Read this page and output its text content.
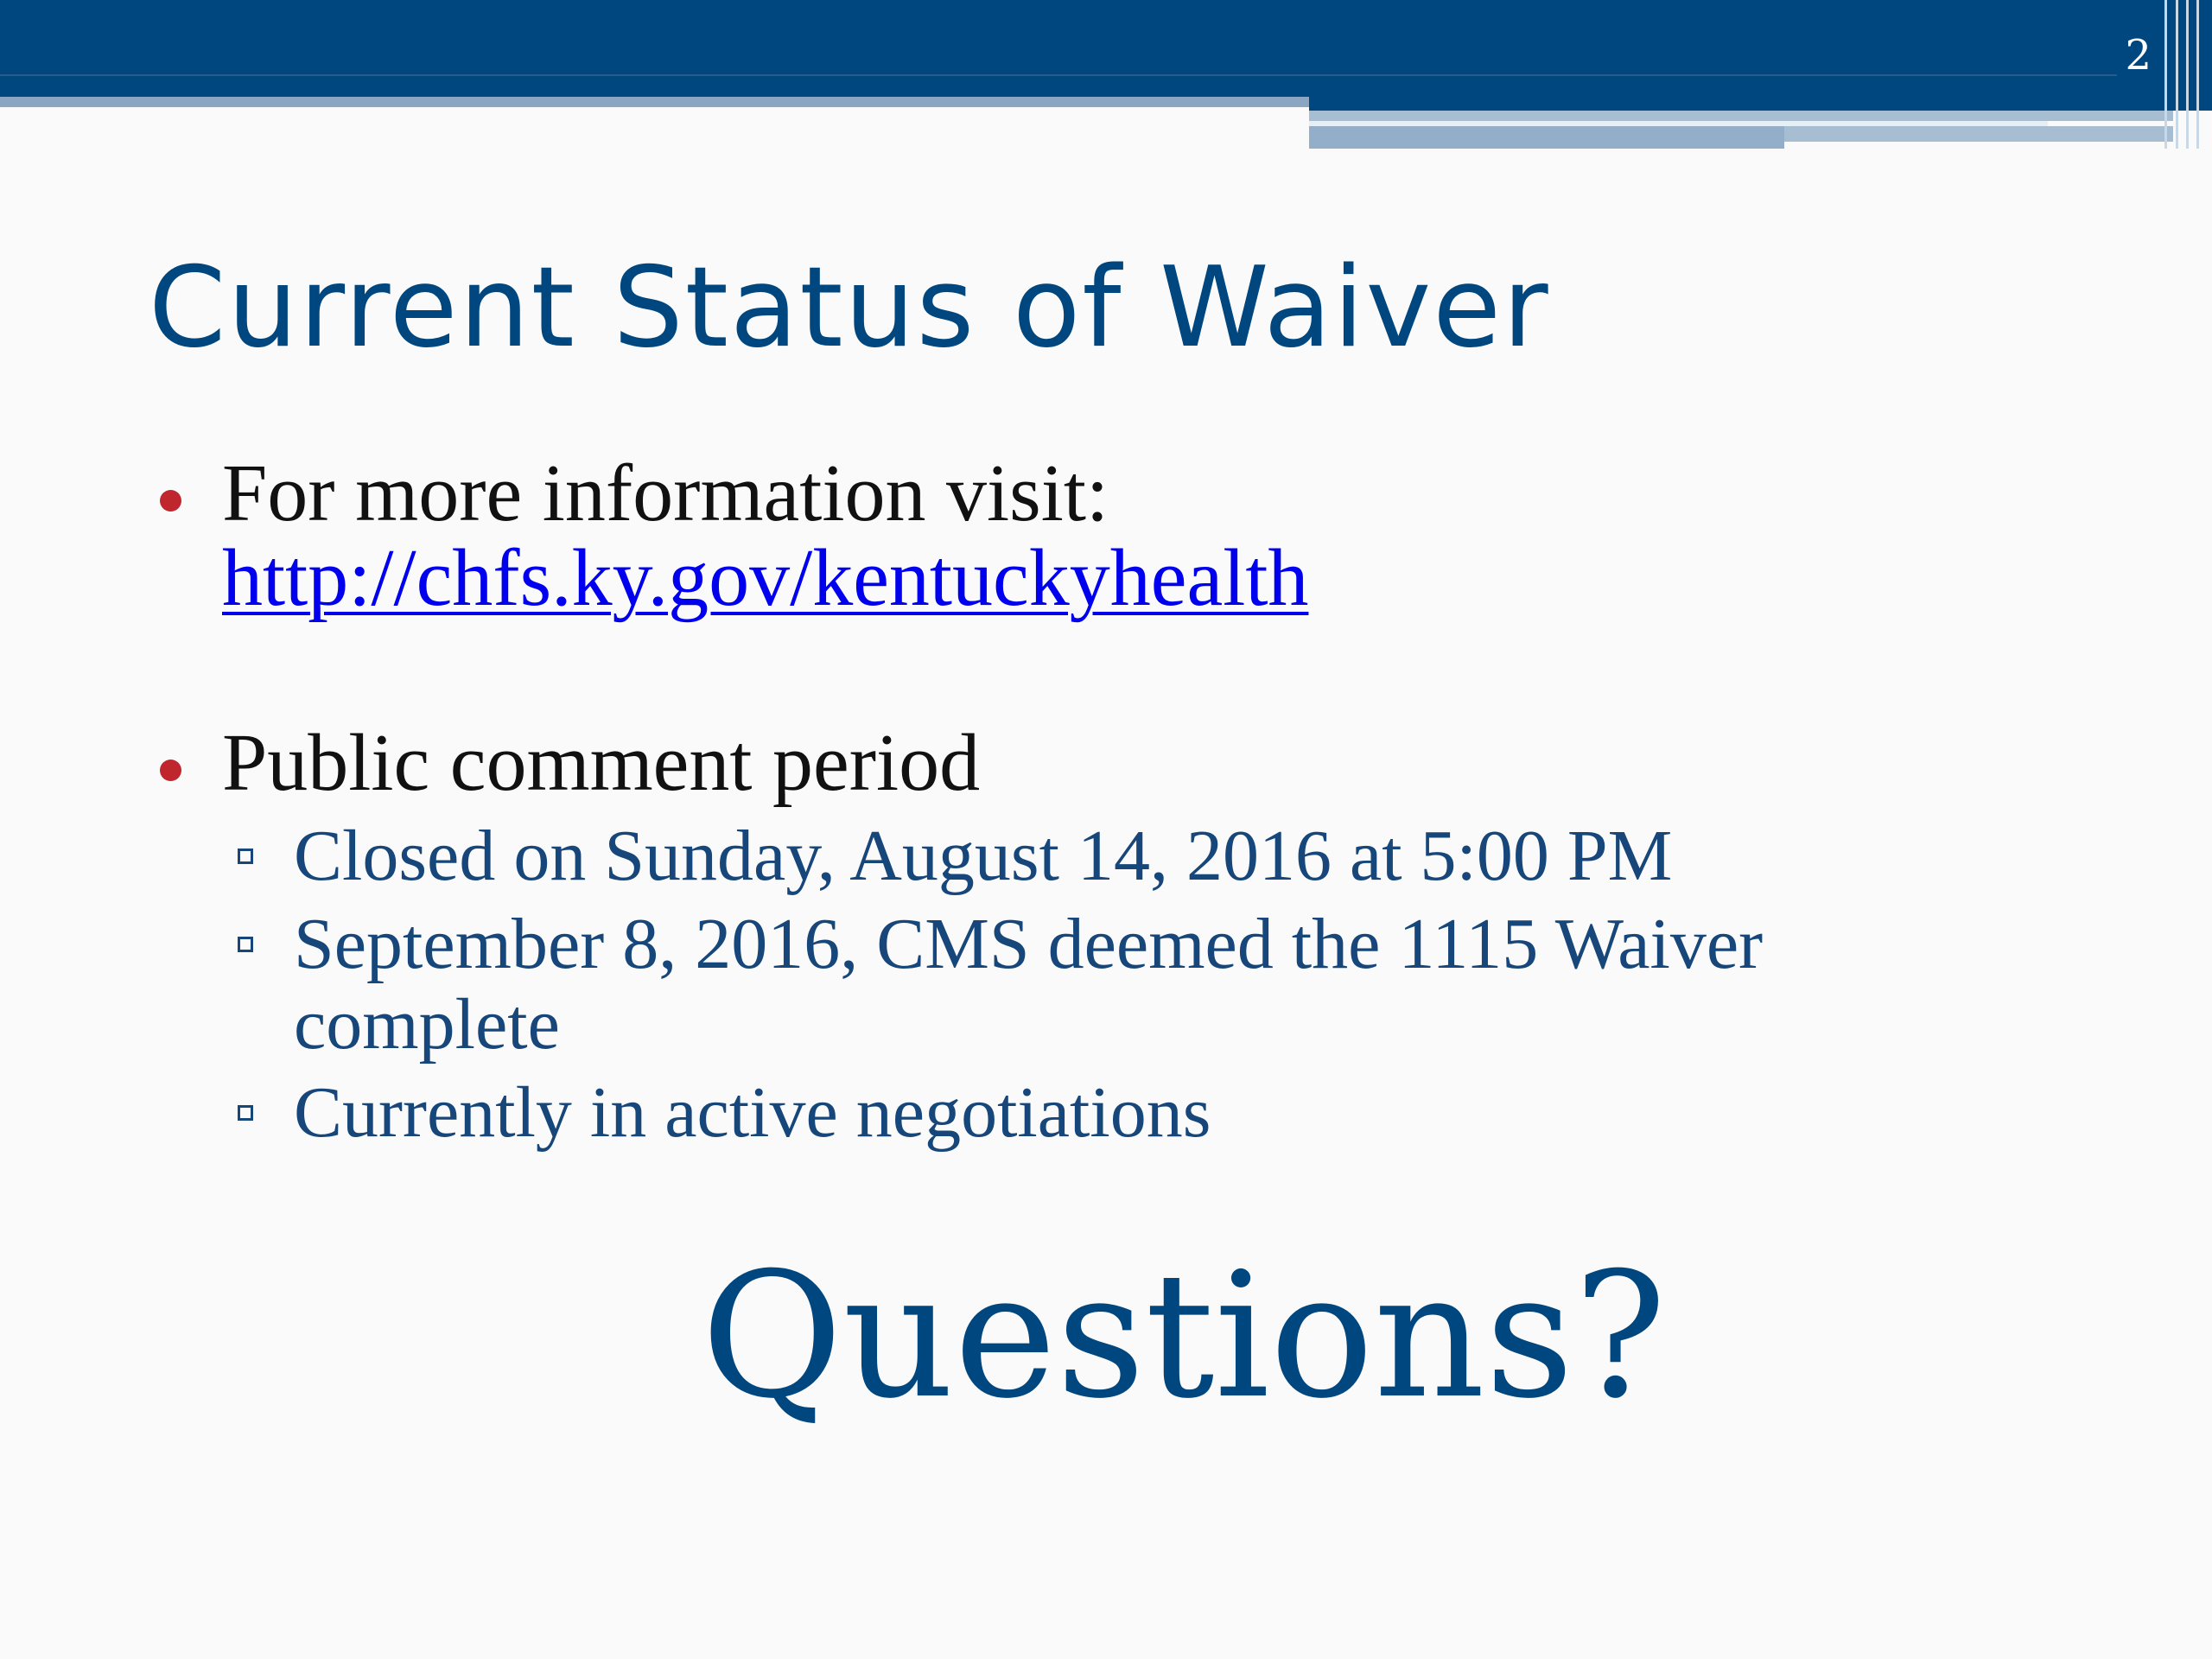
2
Current Status of Waiver
For more information visit:
http://chfs.ky.gov/kentuckyhealth
Public comment period
Closed on Sunday, August 14, 2016 at 5:00 PM
September 8, 2016, CMS deemed the 1115 Waiver
complete
Currently in active negotiations
Questions?
